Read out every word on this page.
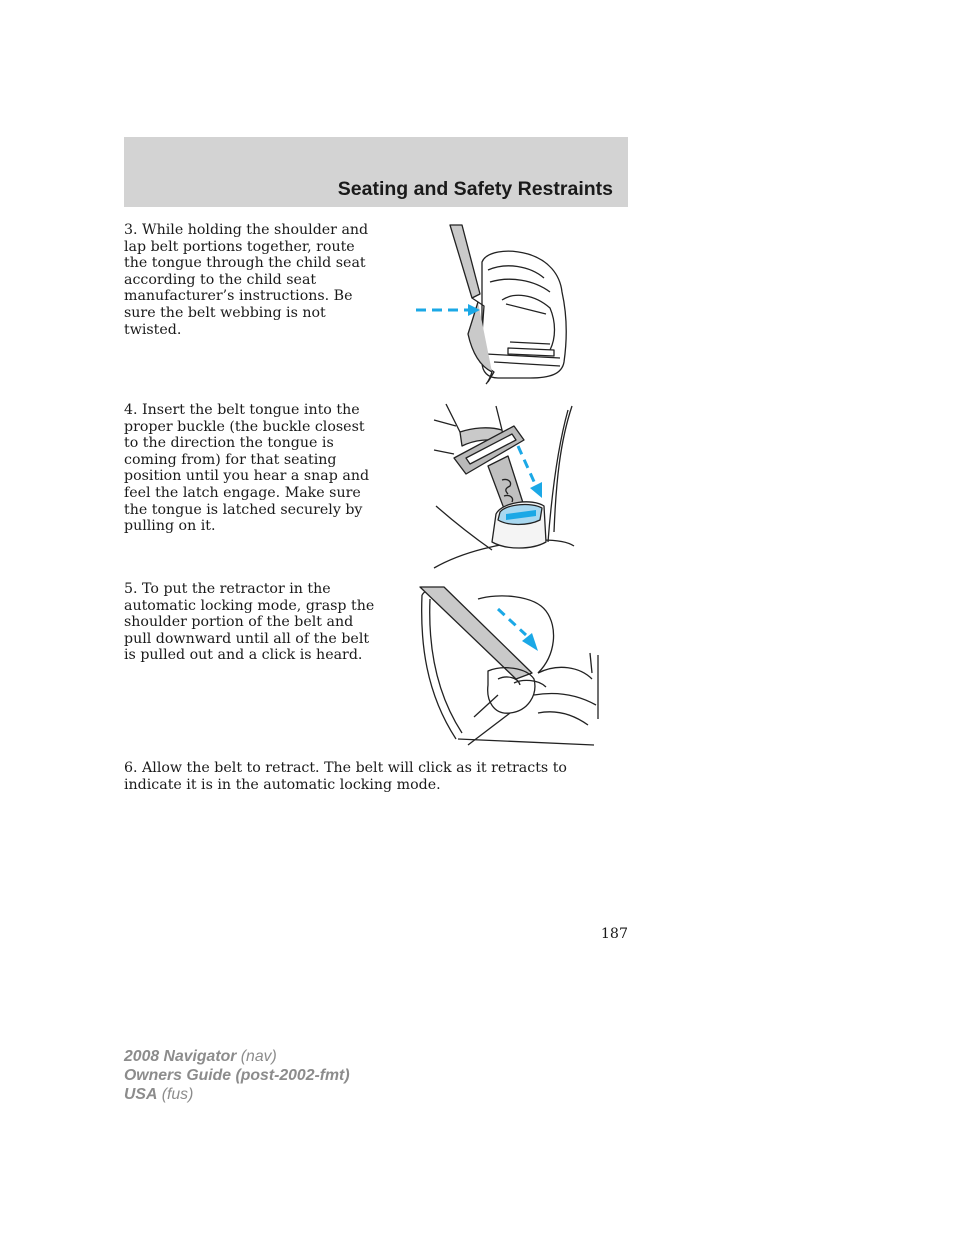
Seating and Safety Restraints

3. While holding the shoulder and lap belt portions together, route the tongue through the child seat according to the child seat manufacturer’s instructions. Be sure the belt webbing is not twisted.

4. Insert the belt tongue into the proper buckle (the buckle closest to the direction the tongue is coming from) for that seating position until you hear a snap and feel the latch engage. Make sure the tongue is latched securely by pulling on it.

5. To put the retractor in the automatic locking mode, grasp the shoulder portion of the belt and pull downward until all of the belt is pulled out and a click is heard.

6. Allow the belt to retract. The belt will click as it retracts to indicate it is in the automatic locking mode.

187
2008 Navigator (nav)
Owners Guide (post-2002-fmt)
USA (fus)
